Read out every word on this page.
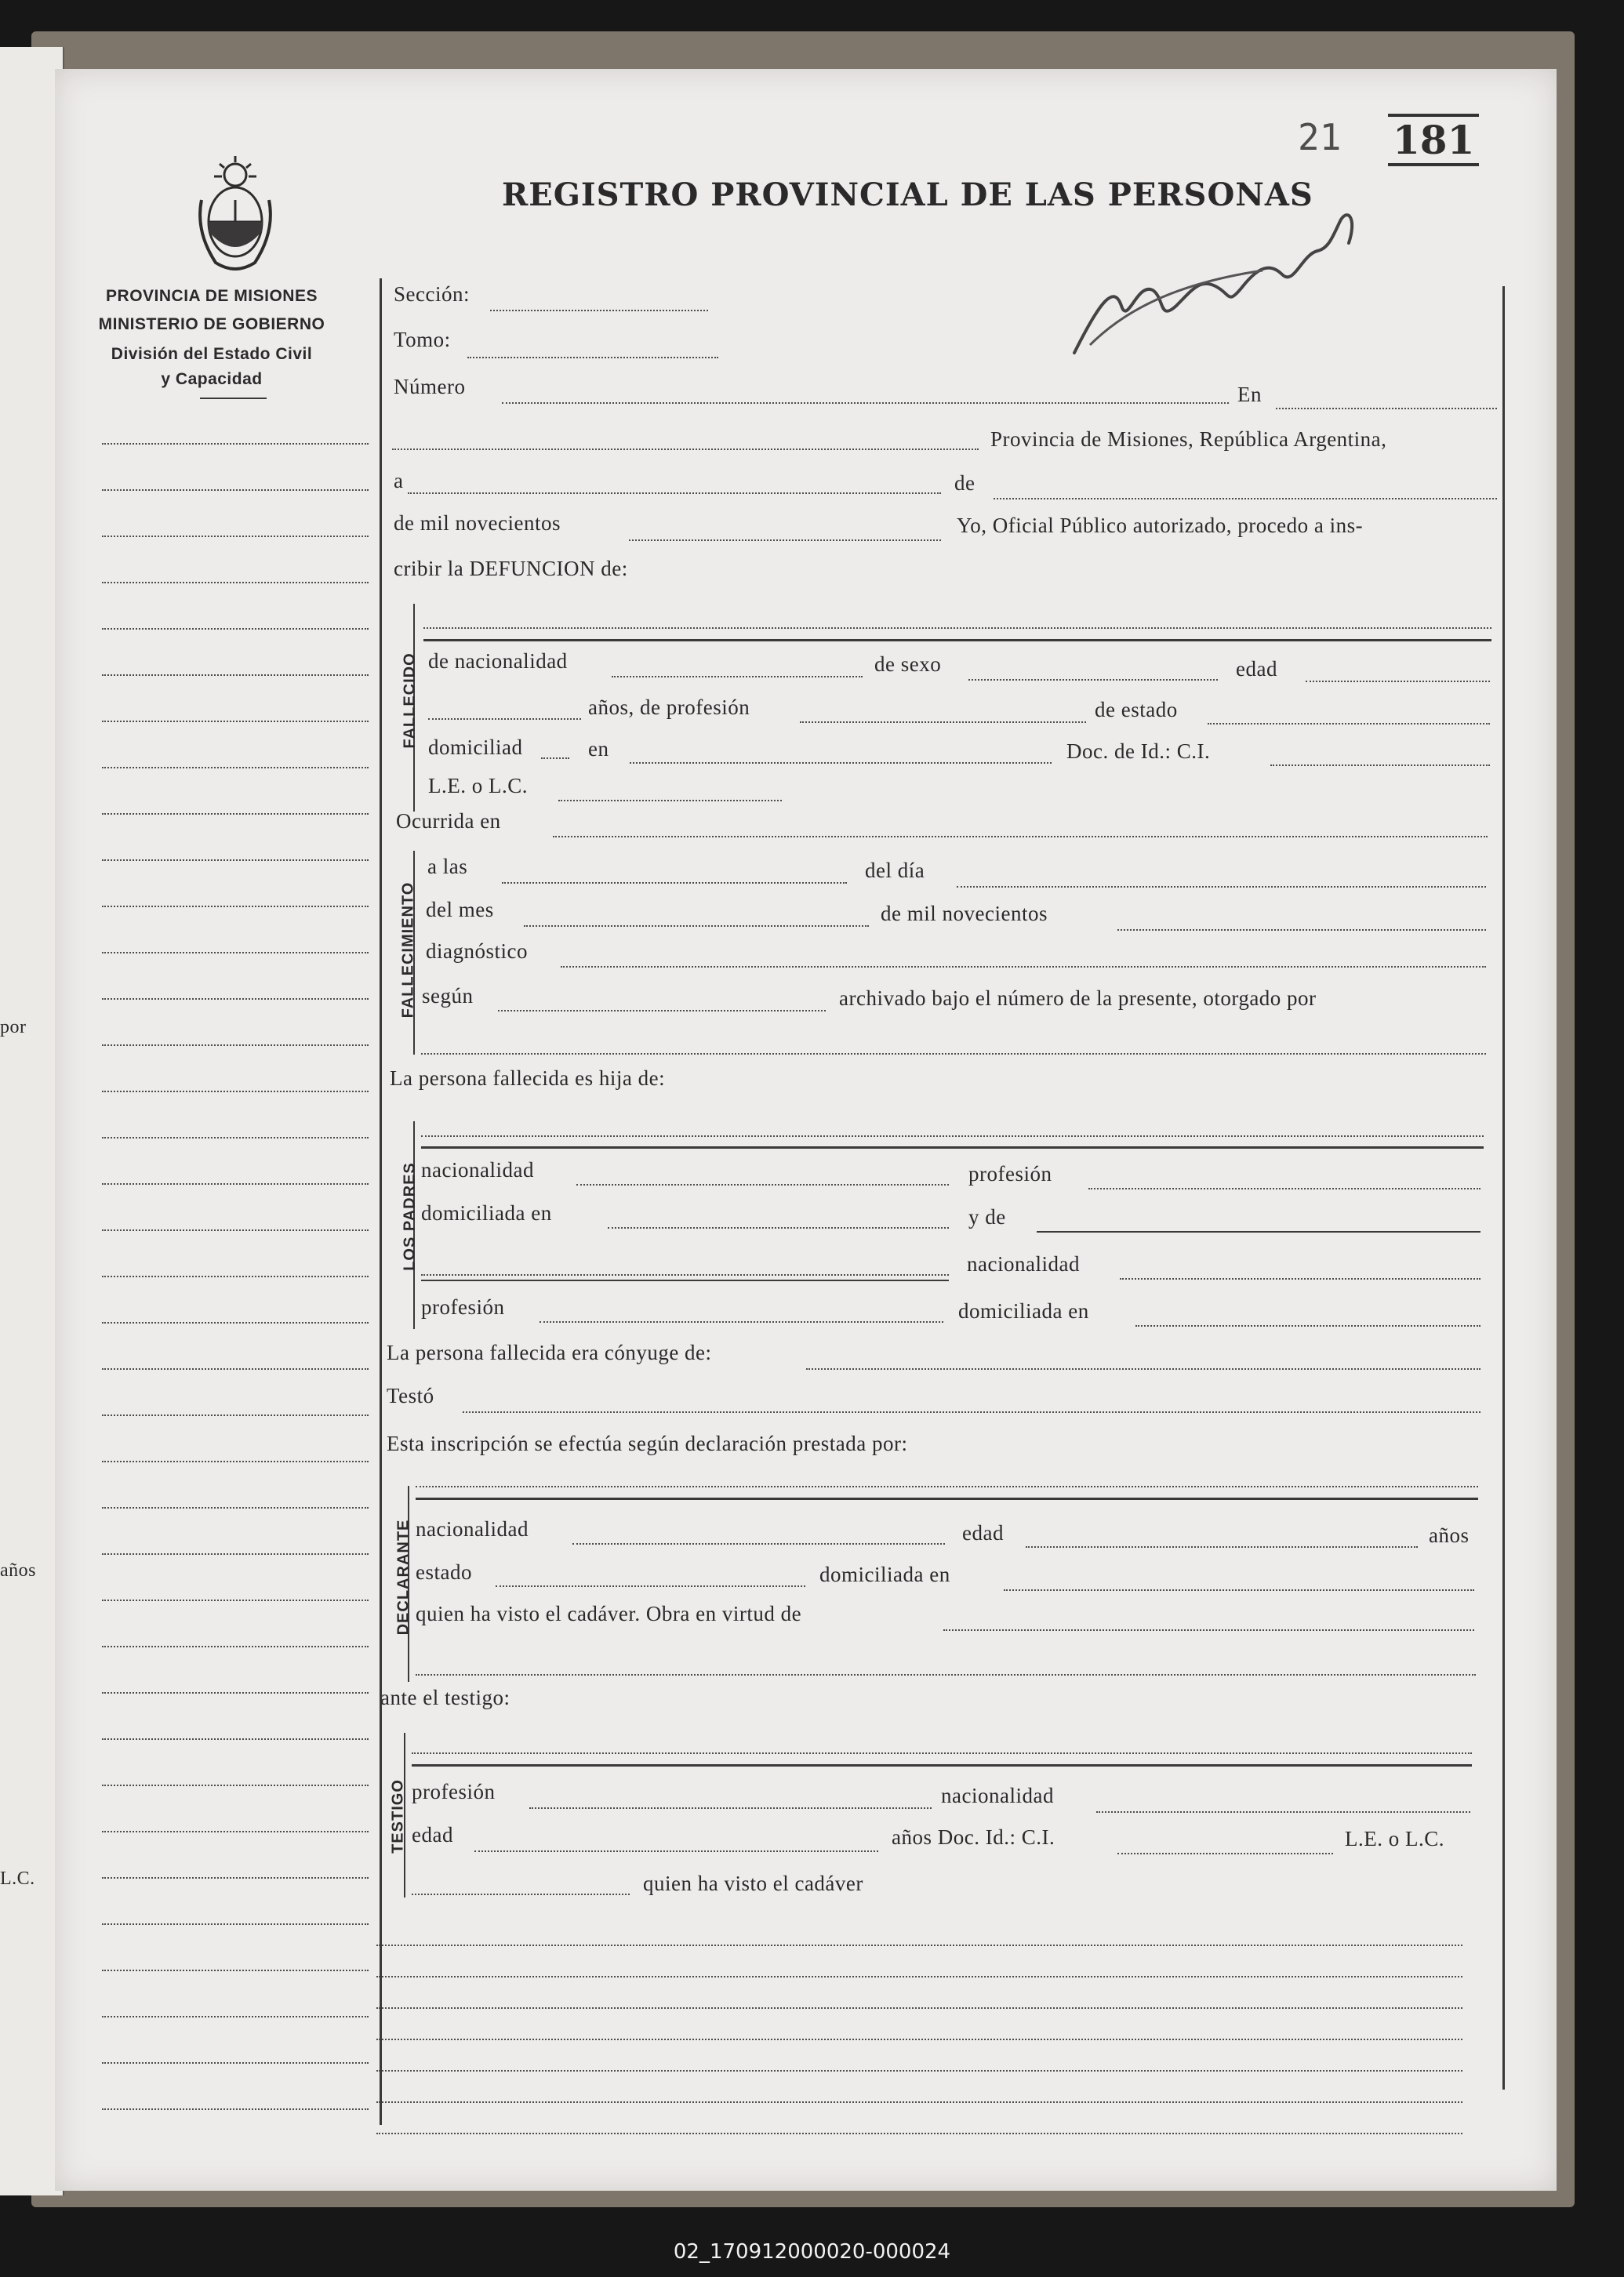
por
años
L.C.
REGISTRO PROVINCIAL DE LAS PERSONAS
21 181
PROVINCIA DE MISIONES
MINISTERIO DE GOBIERNO
División del Estado Civil
y Capacidad
Sección:
Tomo:
Número	En
Provincia de Misiones, República Argentina,
a	de
de mil novecientos	Yo, Oficial Público autorizado, procedo a ins-
cribir la DEFUNCION de:
FALLECIDO de nacionalidad	de sexo	edad
años, de profesión	de estado
domiciliad	en	Doc. de Id.: C.I.
L.E. o L.C.
Ocurrida en
FALLECIMIENTO
a las	del día
del mes	de mil novecientos
diagnóstico
según	archivado bajo el número de la presente, otorgado por
La persona fallecida es hija de:
LOS PADRES nacionalidad	profesión
domiciliada en	y de
nacionalidad
profesión	domiciliada en
La persona fallecida era cónyuge de:
Testó
Esta inscripción se efectúa según declaración prestada por:
DECLARANTE nacionalidad	edad	años
estado	domiciliada en
quien ha visto el cadáver. Obra en virtud de
ante el testigo:
TESTIGO profesión	nacionalidad
edad	años Doc. Id.: C.I.	L.E. o L.C.
quien ha visto el cadáver
02_170912000020-000024
